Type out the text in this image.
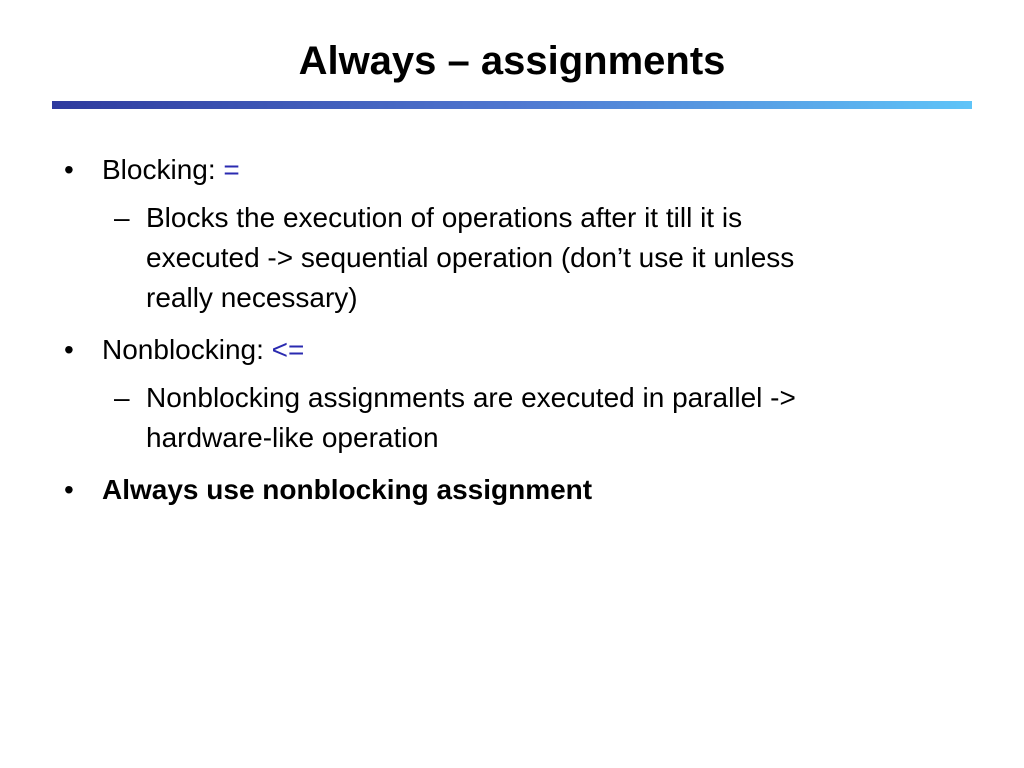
Always – assignments
•	Blocking: =
– Blocks the execution of operations after it till it is
executed -> sequential operation (don’t use it unless
really necessary)
•	Nonblocking: <=
– Nonblocking assignments are executed in parallel ->
hardware-like operation
•	Always use nonblocking assignment
